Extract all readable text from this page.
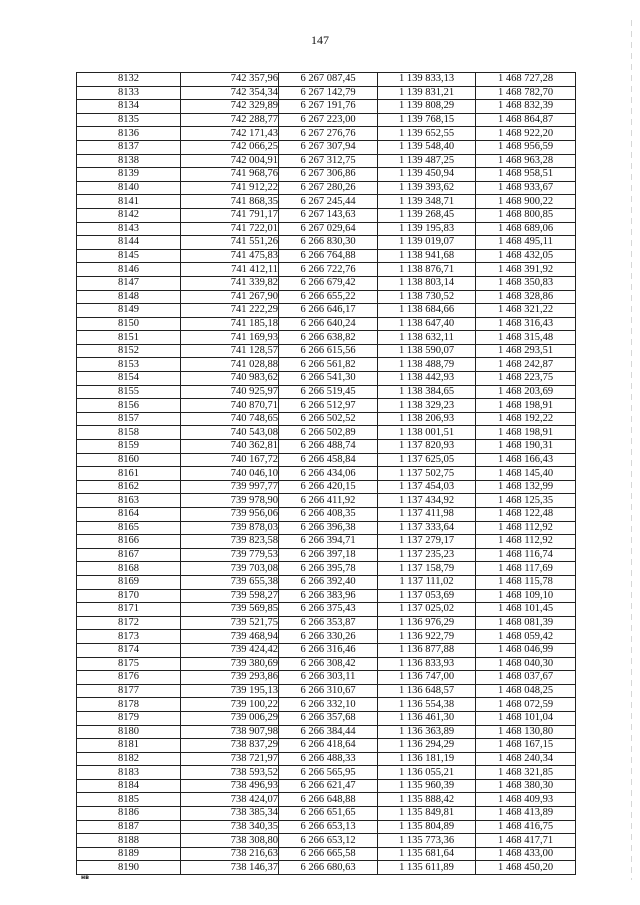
147
8132	742 357,96	6 267 087,45	1 139 833,13	1 468 727,28
8133	742 354,34	6 267 142,79	1 139 831,21	1 468 782,70
8134	742 329,89	6 267 191,76	1 139 808,29	1 468 832,39
8135	742 288,77	6 267 223,00	1 139 768,15	1 468 864,87
8136	742 171,43	6 267 276,76	1 139 652,55	1 468 922,20
8137	742 066,25	6 267 307,94	1 139 548,40	1 468 956,59
8138	742 004,91	6 267 312,75	1 139 487,25	1 468 963,28
8139	741 968,76	6 267 306,86	1 139 450,94	1 468 958,51
8140	741 912,22	6 267 280,26	1 139 393,62	1 468 933,67
8141	741 868,35	6 267 245,44	1 139 348,71	1 468 900,22
8142	741 791,17	6 267 143,63	1 139 268,45	1 468 800,85
8143	741 722,01	6 267 029,64	1 139 195,83	1 468 689,06
8144	741 551,26	6 266 830,30	1 139 019,07	1 468 495,11
8145	741 475,83	6 266 764,88	1 138 941,68	1 468 432,05
8146	741 412,11	6 266 722,76	1 138 876,71	1 468 391,92
8147	741 339,82	6 266 679,42	1 138 803,14	1 468 350,83
8148	741 267,90	6 266 655,22	1 138 730,52	1 468 328,86
8149	741 222,29	6 266 646,17	1 138 684,66	1 468 321,22
8150	741 185,18	6 266 640,24	1 138 647,40	1 468 316,43
8151	741 169,93	6 266 638,82	1 138 632,11	1 468 315,48
8152	741 128,57	6 266 615,56	1 138 590,07	1 468 293,51
8153	741 028,88	6 266 561,82	1 138 488,79	1 468 242,87
8154	740 983,62	6 266 541,30	1 138 442,93	1 468 223,75
8155	740 925,97	6 266 519,45	1 138 384,65	1 468 203,69
8156	740 870,71	6 266 512,97	1 138 329,23	1 468 198,91
8157	740 748,65	6 266 502,52	1 138 206,93	1 468 192,22
8158	740 543,08	6 266 502,89	1 138 001,51	1 468 198,91
8159	740 362,81	6 266 488,74	1 137 820,93	1 468 190,31
8160	740 167,72	6 266 458,84	1 137 625,05	1 468 166,43
8161	740 046,10	6 266 434,06	1 137 502,75	1 468 145,40
8162	739 997,77	6 266 420,15	1 137 454,03	1 468 132,99
8163	739 978,90	6 266 411,92	1 137 434,92	1 468 125,35
8164	739 956,06	6 266 408,35	1 137 411,98	1 468 122,48
8165	739 878,03	6 266 396,38	1 137 333,64	1 468 112,92
8166	739 823,58	6 266 394,71	1 137 279,17	1 468 112,92
8167	739 779,53	6 266 397,18	1 137 235,23	1 468 116,74
8168	739 703,08	6 266 395,78	1 137 158,79	1 468 117,69
8169	739 655,38	6 266 392,40	1 137 111,02	1 468 115,78
8170	739 598,27	6 266 383,96	1 137 053,69	1 468 109,10
8171	739 569,85	6 266 375,43	1 137 025,02	1 468 101,45
8172	739 521,75	6 266 353,87	1 136 976,29	1 468 081,39
8173	739 468,94	6 266 330,26	1 136 922,79	1 468 059,42
8174	739 424,42	6 266 316,46	1 136 877,88	1 468 046,99
8175	739 380,69	6 266 308,42	1 136 833,93	1 468 040,30
8176	739 293,86	6 266 303,11	1 136 747,00	1 468 037,67
8177	739 195,13	6 266 310,67	1 136 648,57	1 468 048,25
8178	739 100,22	6 266 332,10	1 136 554,38	1 468 072,59
8179	739 006,29	6 266 357,68	1 136 461,30	1 468 101,04
8180	738 907,98	6 266 384,44	1 136 363,89	1 468 130,80
8181	738 837,29	6 266 418,64	1 136 294,29	1 468 167,15
8182	738 721,97	6 266 488,33	1 136 181,19	1 468 240,34
8183	738 593,52	6 266 565,95	1 136 055,21	1 468 321,85
8184	738 496,93	6 266 621,47	1 135 960,39	1 468 380,30
8185	738 424,07	6 266 648,88	1 135 888,42	1 468 409,93
8186	738 385,34	6 266 651,65	1 135 849,81	1 468 413,89
8187	738 340,35	6 266 653,13	1 135 804,89	1 468 416,75
8188	738 308,80	6 266 653,12	1 135 773,36	1 468 417,71
8189	738 216,63	6 266 665,58	1 135 681,64	1 468 433,00
8190	738 146,37	6 266 680,63	1 135 611,89	1 468 450,20
нв
